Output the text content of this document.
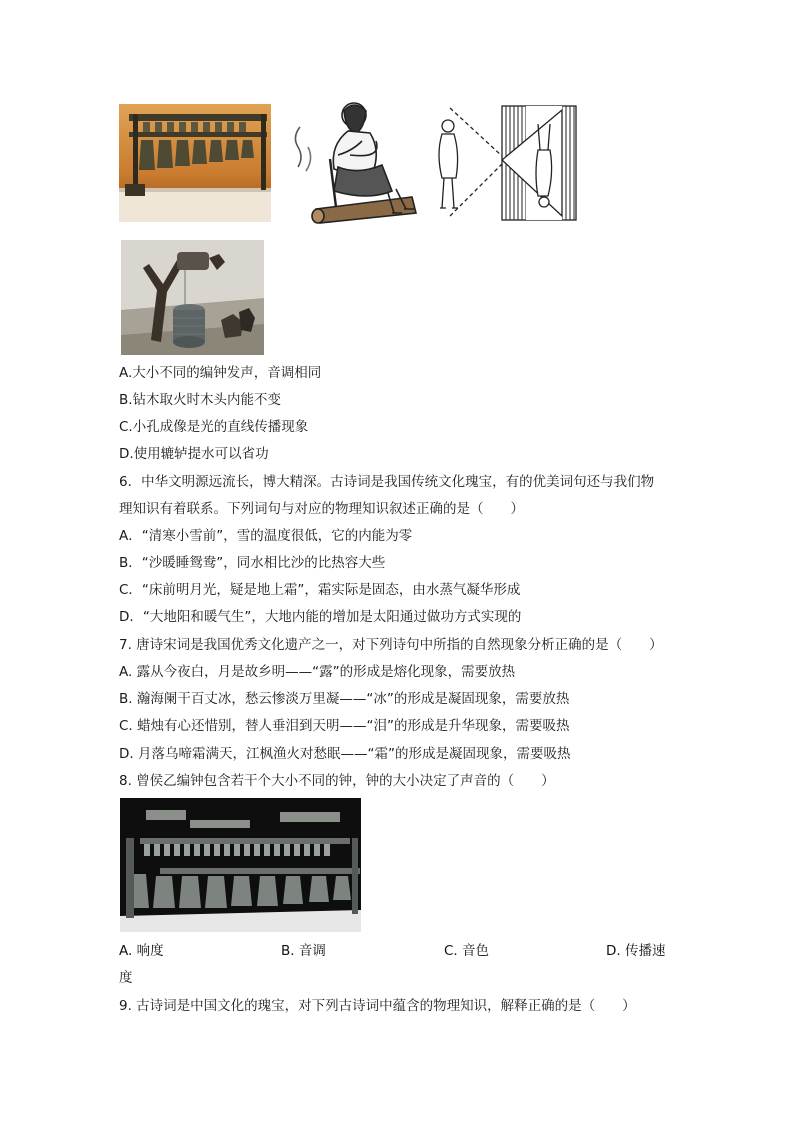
A.大小不同的编钟发声，音调相同
B.钻木取火时木头内能不变
C.小孔成像是光的直线传播现象
D.使用辘轳提水可以省功
6．中华文明源远流长，博大精深。古诗词是我国传统文化瑰宝，有的优美词句还与我们物
理知识有着联系。下列词句与对应的物理知识叙述正确的是（　　）
A．“清寒小雪前”，雪的温度很低，它的内能为零
B．“沙暖睡鸳鸯”，同水相比沙的比热容大些
C．“床前明月光，疑是地上霜”，霜实际是固态，由水蒸气凝华形成
D．“大地阳和暖气生”，大地内能的增加是太阳通过做功方式实现的
7. 唐诗宋词是我国优秀文化遗产之一，对下列诗句中所指的自然现象分析正确的是（　　）
A. 露从今夜白，月是故乡明——“露”的形成是熔化现象，需要放热
B. 瀚海阑干百丈冰，愁云惨淡万里凝——“冰”的形成是凝固现象，需要放热
C. 蜡烛有心还惜别，替人垂泪到天明——“泪”的形成是升华现象，需要吸热
D. 月落乌啼霜满天，江枫渔火对愁眠——“霜”的形成是凝固现象，需要吸热
8. 曾侯乙编钟包含若干个大小不同的钟，钟的大小决定了声音的（　　）
A. 响度	B. 音调	C. 音色	D. 传播速
度
9. 古诗词是中国文化的瑰宝，对下列古诗词中蕴含的物理知识，解释正确的是（　　）
